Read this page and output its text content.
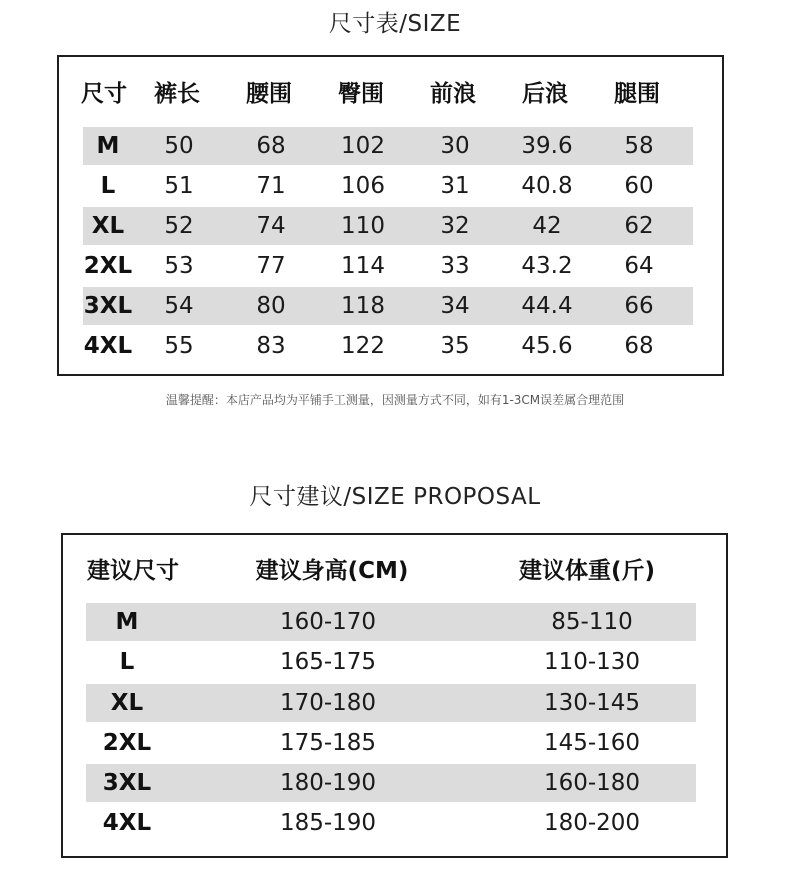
尺寸表/SIZE
尺寸	裤长	腰围	臀围	前浪	后浪	腿围
M	50	68	102	30	39.6	58
L	51	71	106	31	40.8	60
XL	52	74	110	32	42	62
2XL	53	77	114	33	43.2	64
3XL	54	80	118	34	44.4	66
4XL	55	83	122	35	45.6	68
温馨提醒：本店产品均为平铺手工测量，因测量方式不同，如有1-3CM误差属合理范围
尺寸建议/SIZE PROPOSAL
建议尺寸	建议身高(CM)	建议体重(斤)
M	160-170	85-110
L	165-175	110-130
XL	170-180	130-145
2XL	175-185	145-160
3XL	180-190	160-180
4XL	185-190	180-200
